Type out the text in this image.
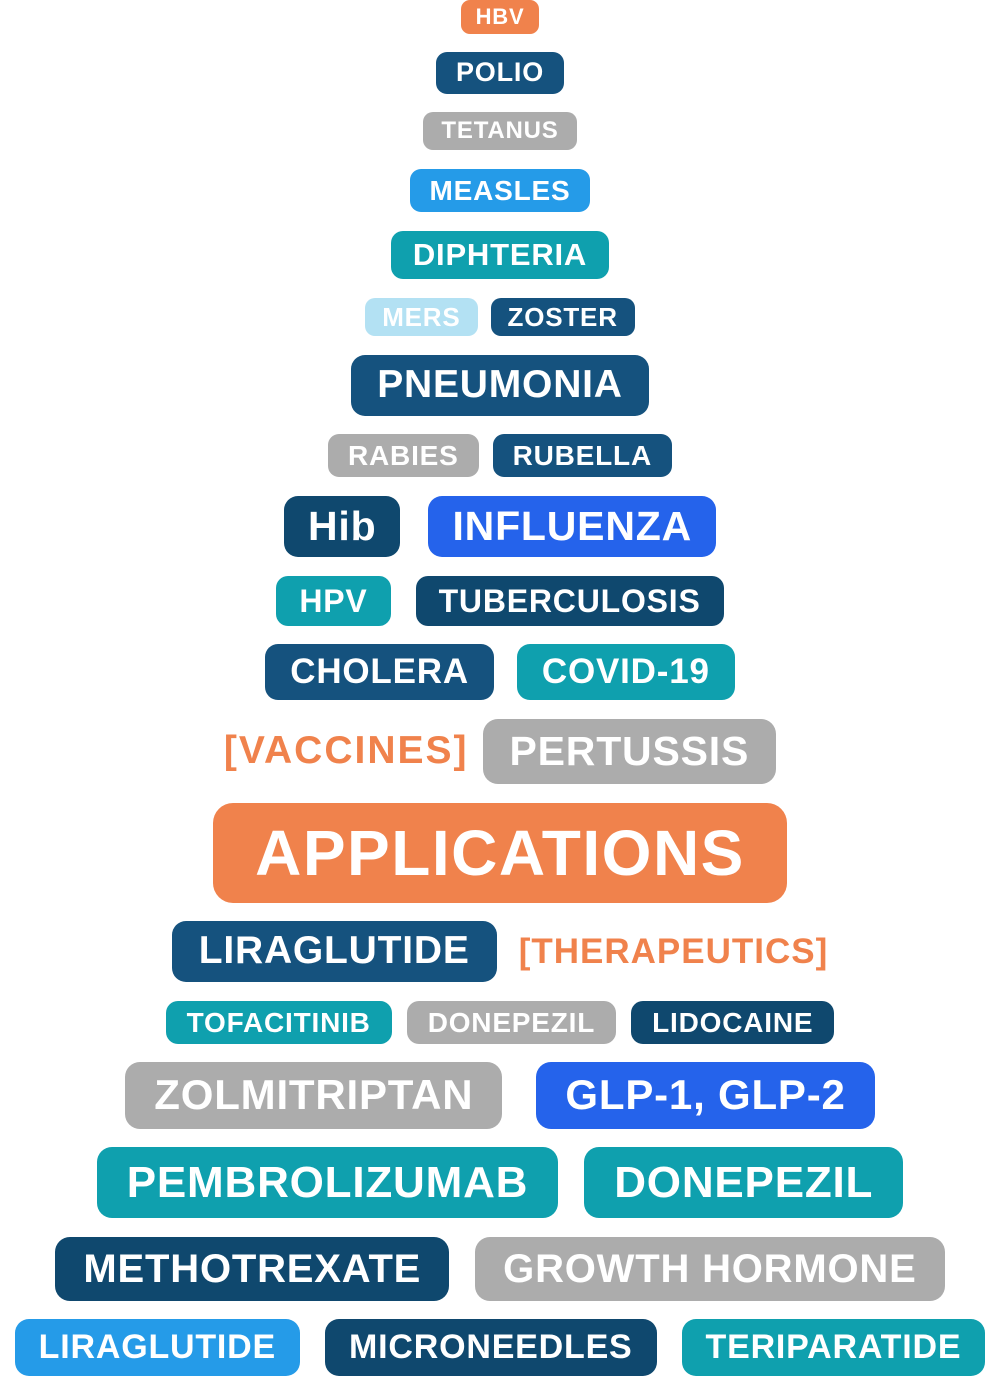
HBV
POLIO
TETANUS
MEASLES
DIPHTERIA
MERS	ZOSTER
PNEUMONIA
RABIES	RUBELLA
Hib	INFLUENZA
HPV	TUBERCULOSIS
CHOLERA	COVID-19
[VACCINES]	PERTUSSIS
APPLICATIONS
LIRAGLUTIDE	[THERAPEUTICS]
TOFACITINIB	DONEPEZIL	LIDOCAINE
ZOLMITRIPTAN	GLP-1, GLP-2
PEMBROLIZUMAB	DONEPEZIL
METHOTREXATE	GROWTH HORMONE
LIRAGLUTIDE	MICRONEEDLES	TERIPARATIDE
